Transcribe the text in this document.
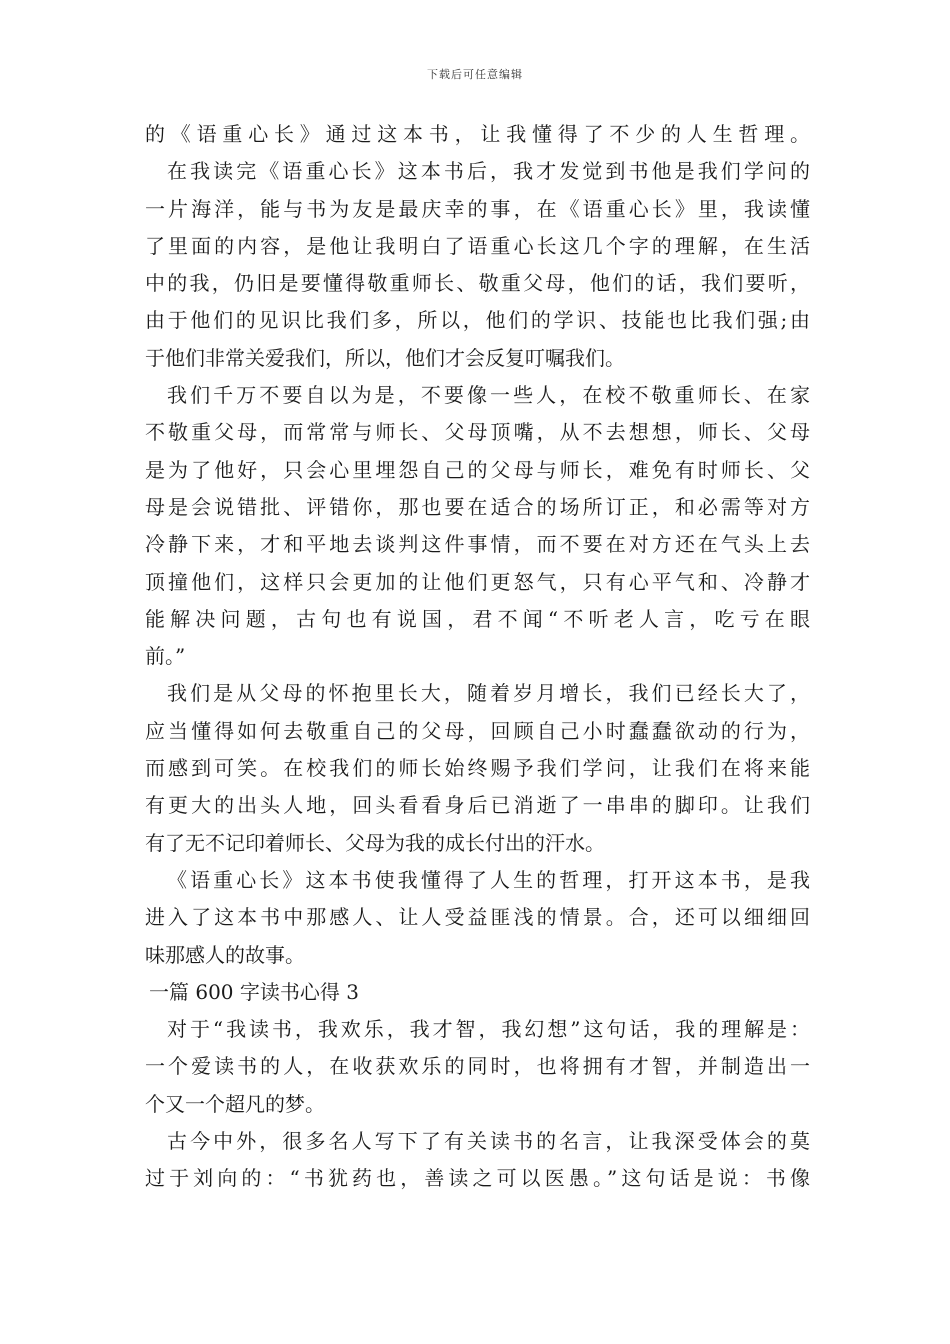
下载后可任意编辑
的《语重心长》通过这本书，让我懂得了不少的人生哲理。
在我读完《语重心长》这本书后，我才发觉到书他是我们学问的
一片海洋，能与书为友是最庆幸的事，在《语重心长》里，我读懂
了里面的内容，是他让我明白了语重心长这几个字的理解，在生活
中的我，仍旧是要懂得敬重师长、敬重父母，他们的话，我们要听，
由于他们的见识比我们多，所以，他们的学识、技能也比我们强;由
于他们非常关爱我们，所以，他们才会反复叮嘱我们。
我们千万不要自以为是，不要像一些人，在校不敬重师长、在家
不敬重父母，而常常与师长、父母顶嘴，从不去想想，师长、父母
是为了他好，只会心里埋怨自己的父母与师长，难免有时师长、父
母是会说错批、评错你，那也要在适合的场所订正，和必需等对方
冷静下来，才和平地去谈判这件事情，而不要在对方还在气头上去
顶撞他们，这样只会更加的让他们更怒气，只有心平气和、冷静才
能解决问题，古句也有说国，君不闻“不听老人言，吃亏在眼
前。”
我们是从父母的怀抱里长大，随着岁月增长，我们已经长大了，
应当懂得如何去敬重自己的父母，回顾自己小时蠢蠢欲动的行为，
而感到可笑。在校我们的师长始终赐予我们学问，让我们在将来能
有更大的出头人地，回头看看身后已消逝了一串串的脚印。让我们
有了无不记印着师长、父母为我的成长付出的汗水。
《语重心长》这本书使我懂得了人生的哲理，打开这本书，是我
进入了这本书中那感人、让人受益匪浅的情景。合，还可以细细回
味那感人的故事。
一篇 600 字读书心得 3
对于“我读书，我欢乐，我才智，我幻想”这句话，我的理解是：
一个爱读书的人，在收获欢乐的同时，也将拥有才智，并制造出一
个又一个超凡的梦。
古今中外，很多名人写下了有关读书的名言，让我深受体会的莫
过于刘向的：“书犹药也，善读之可以医愚。”这句话是说：书像
